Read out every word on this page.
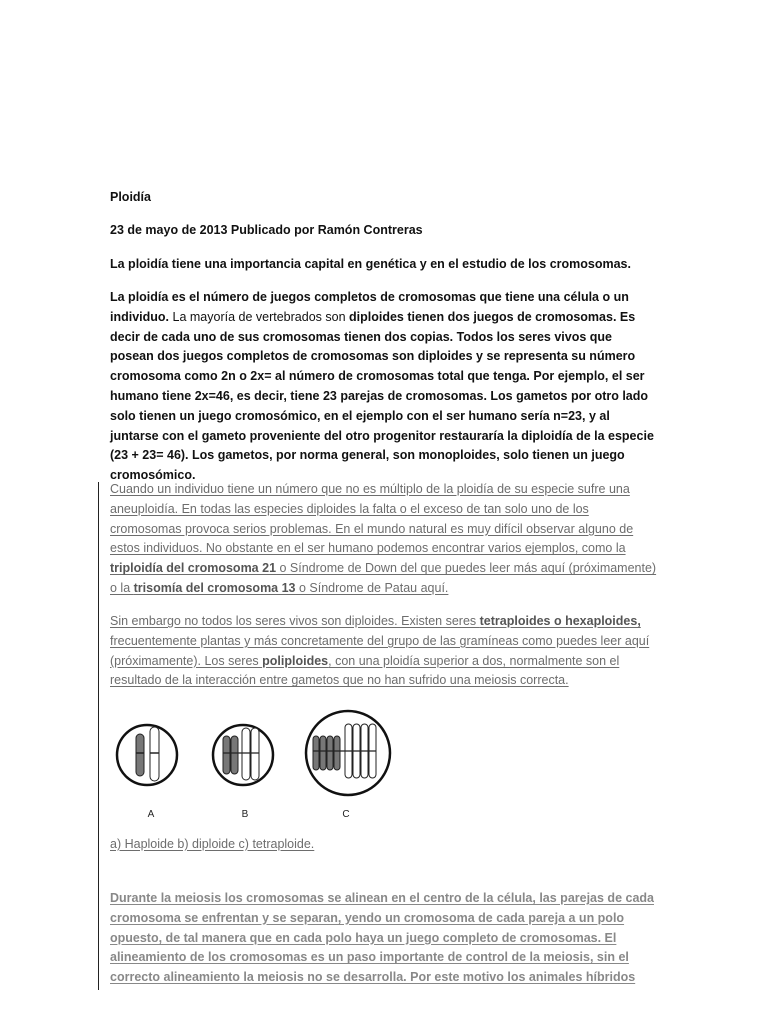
Ploidía
23 de mayo de 2013 Publicado por Ramón Contreras
La ploidía tiene una importancia capital en genética y en el estudio de los cromosomas.
La ploidía es el número de juegos completos de cromosomas que tiene una célula o un individuo. La mayoría de vertebrados son diploides tienen dos juegos de cromosomas. Es decir de cada uno de sus cromosomas tienen dos copias. Todos los seres vivos que posean dos juegos completos de cromosomas son diploides y se representa su número cromosoma como 2n o 2x= al número de cromosomas total que tenga. Por ejemplo, el ser humano tiene 2x=46, es decir, tiene 23 parejas de cromosomas. Los gametos por otro lado solo tienen un juego cromosómico, en el ejemplo con el ser humano sería n=23, y al juntarse con el gameto proveniente del otro progenitor restauraría la diploidía de la especie (23 + 23= 46). Los gametos, por norma general, son monoploides, solo tienen un juego cromosómico.
Cuando un individuo tiene un número que no es múltiplo de la ploidía de su especie sufre una aneuploidía. En todas las especies diploides la falta o el exceso de tan solo uno de los cromosomas provoca serios problemas. En el mundo natural es muy difícil observar alguno de estos individuos. No obstante en el ser humano podemos encontrar varios ejemplos, como la triploidía del cromosoma 21 o Síndrome de Down del que puedes leer más aquí (próximamente) o la trisomía del cromosoma 13 o Síndrome de Patau aquí.
Sin embargo no todos los seres vivos son diploides. Existen seres tetraploides o hexaploides, frecuentemente plantas y más concretamente del grupo de las gramíneas como puedes leer aquí (próximamente). Los seres poliploides, con una ploidía superior a dos, normalmente son el resultado de la interacción entre gametos que no han sufrido una meiosis correcta.
A	B	C
a) Haploide b) diploide c) tetraploide.
Durante la meiosis los cromosomas se alinean en el centro de la célula, las parejas de cada cromosoma se enfrentan y se separan, yendo un cromosoma de cada pareja a un polo opuesto, de tal manera que en cada polo haya un juego completo de cromosomas. El alineamiento de los cromosomas es un paso importante de control de la meiosis, sin el correcto alineamiento la meiosis no se desarrolla. Por este motivo los animales híbridos
